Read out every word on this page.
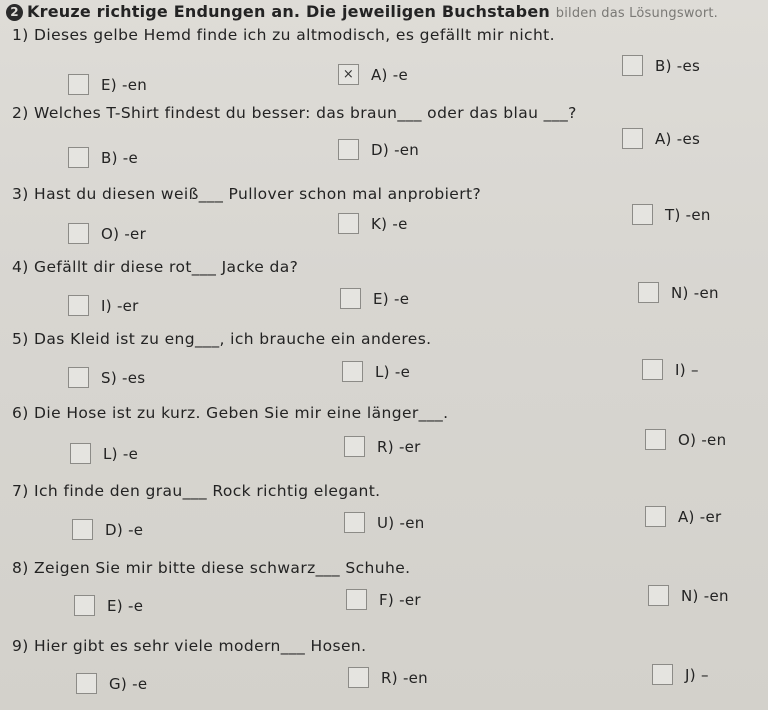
2 Kreuze richtige Endungen an. Die jeweiligen Buchstaben bilden das Lösungswort.
1) Dieses gelbe Hemd finde ich zu altmodisch, es gefällt mir nicht.
E) -en
×	A) -e	B) -es
2) Welches T-Shirt findest du besser: das braun___ oder das blau ___?
B) -e	D) -en
A) -es
3) Hast du diesen weiß___ Pullover schon mal anprobiert?
O) -er
K) -e	T) -en
4) Gefällt dir diese rot___ Jacke da?
I) -er	E) -e	N) -en
5) Das Kleid ist zu eng___, ich brauche ein anderes.
S) -es	L) -e	I) –
6) Die Hose ist zu kurz. Geben Sie mir eine länger___.
L) -e	R) -er	O) -en
7) Ich finde den grau___ Rock richtig elegant.
D) -e	U) -en	A) -er
8) Zeigen Sie mir bitte diese schwarz___ Schuhe.
E) -e	F) -er	N) -en
9) Hier gibt es sehr viele modern___ Hosen.
G) -e	R) -en	J) –
